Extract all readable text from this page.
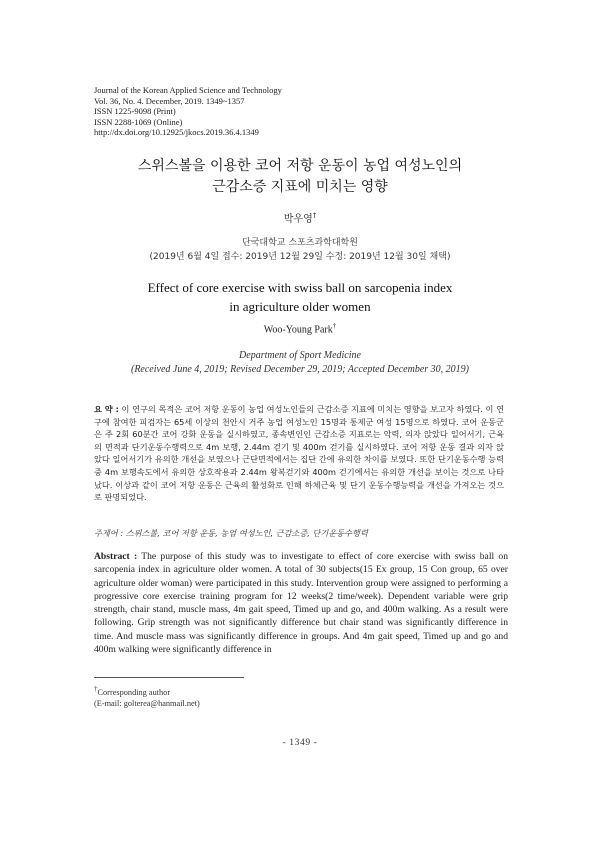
Journal of the Korean Applied Science and Technology
Vol. 36, No. 4. December, 2019. 1349~1357
ISSN 1225-9098 (Print)
ISSN 2288-1069 (Online)
http://dx.doi.org/10.12925/jkocs.2019.36.4.1349
스위스볼을 이용한 코어 저항 운동이 농업 여성노인의
근감소증 지표에 미치는 영향
박우영†
단국대학교 스포츠과학대학원
(2019년 6월 4일 접수: 2019년 12월 29일 수정: 2019년 12월 30일 채택)
Effect of core exercise with swiss ball on sarcopenia index
in agriculture older women
Woo-Young Park†
Department of Sport Medicine
(Received June 4, 2019; Revised December 29, 2019; Accepted December 30, 2019)
요 약 : 이 연구의 목적은 코어 저항 운동이 농업 여성노인들의 근감소증 지표에 미치는 영향을 보고자 하였다. 이 연구에 참여한 피검자는 65세 이상의 천안시 거주 농업 여성노인 15명과 통제군 여성 15명으로 하였다. 코어 운동군은 주 2회 60분간 코어 강화 운동을 실시하였고, 종속변인인 근감소증 지표로는 악력, 의자 앉았다 일어서기, 근육의 면적과 단기운동수행력으로 4m 보행, 2.44m 걷기 및 400m 걷기를 실시하였다. 코어 저항 운동 결과 의자 앉았다 일어서기가 유의한 개선을 보였으나 근단면적에서는 집단 간에 유의한 차이를 보였다. 또한 단기운동수행 능력 중 4m 보행속도에서 유의한 상호작용과 2.44m 왕복걷기와 400m 걷기에서는 유의한 개선을 보이는 것으로 나타났다. 이상과 같이 코어 저항 운동은 근육의 활성화로 인해 하체근육 및 단기 운동수행능력을 개선을 가져오는 것으로 판명되었다.
주제어 : 스위스볼, 코어 저항 운동, 농업 여성노인, 근감소증, 단기운동수행력
Abstract : The purpose of this study was to investigate to effect of core exercise with swiss ball on sarcopenia index in agriculture older women. A total of 30 subjects(15 Ex group, 15 Con group, 65 over agriculture older woman) were participated in this study. Intervention group were assigned to performing a progressive core exercise training program for 12 weeks(2 time/week). Dependent variable were grip strength, chair stand, muscle mass, 4m gait speed, Timed up and go, and 400m walking. As a result were following. Grip strength was not significantly difference but chair stand was significantly difference in time. And muscle mass was significantly difference in groups. And 4m gait speed, Timed up and go and 400m walking were significantly difference in
†Corresponding author
(E-mail: golterea@hanmail.net)
- 1349 -
